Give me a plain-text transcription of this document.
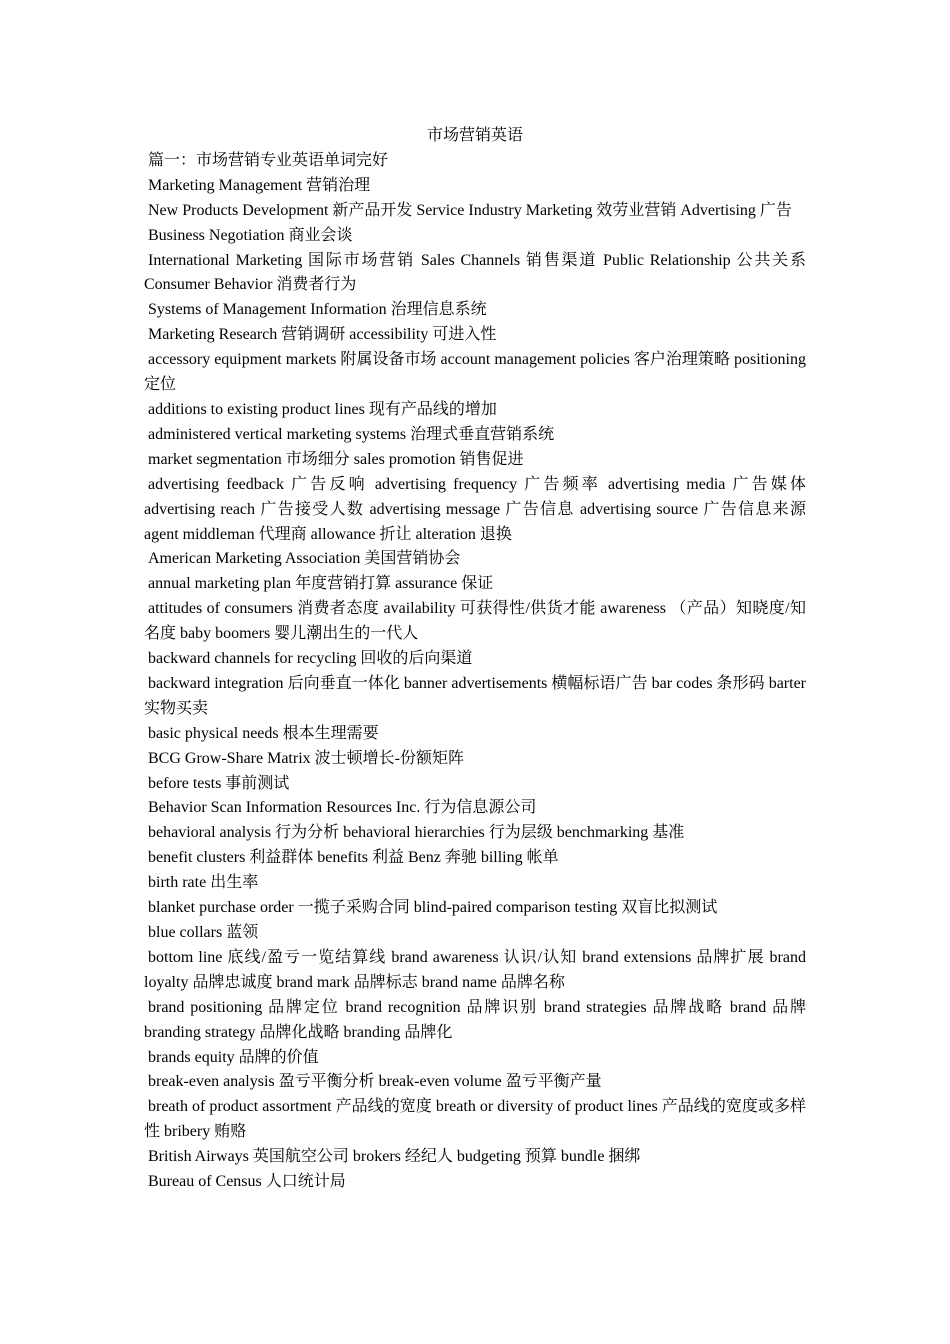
市场营销英语

篇一：市场营销专业英语单词完好

Marketing Management 营销治理

New Products Development 新产品开发 Service Industry Marketing 效劳业营销 Advertising 广告

Business Negotiation 商业会谈

International Marketing 国际市场营销 Sales Channels 销售渠道 Public Relationship 公共关系 Consumer Behavior 消费者行为

Systems of Management Information 治理信息系统

Marketing Research 营销调研 accessibility 可进入性

accessory equipment markets 附属设备市场 account management policies 客户治理策略 positioning 定位

additions to existing product lines 现有产品线的增加

administered vertical marketing systems 治理式垂直营销系统

market segmentation 市场细分 sales promotion 销售促进

advertising feedback 广告反响 advertising frequency 广告频率 advertising media 广告媒体 advertising reach 广告接受人数 advertising message 广告信息 advertising source 广告信息来源 agent middleman 代理商 allowance 折让 alteration 退换

American Marketing Association 美国营销协会

annual marketing plan 年度营销打算 assurance 保证

attitudes of consumers 消费者态度 availability 可获得性/供货才能 awareness （产品）知晓度/知名度 baby boomers 婴儿潮出生的一代人

backward channels for recycling 回收的后向渠道

backward integration 后向垂直一体化 banner advertisements 横幅标语广告 bar codes 条形码 barter 实物买卖

basic physical needs 根本生理需要

BCG Grow-Share Matrix 波士顿增长-份额矩阵

before tests 事前测试

Behavior Scan Information Resources Inc. 行为信息源公司

behavioral analysis 行为分析 behavioral hierarchies 行为层级 benchmarking 基准

benefit clusters 利益群体 benefits 利益 Benz 奔驰 billing 帐单

birth rate 出生率

blanket purchase order 一揽子采购合同 blind-paired comparison testing 双盲比拟测试

blue collars 蓝领

bottom line 底线/盈亏一览结算线 brand awareness 认识/认知 brand extensions 品牌扩展 brand loyalty 品牌忠诚度 brand mark 品牌标志 brand name 品牌名称

brand positioning 品牌定位 brand recognition 品牌识别 brand strategies 品牌战略 brand 品牌 branding strategy 品牌化战略 branding 品牌化

brands equity 品牌的价值

break-even analysis 盈亏平衡分析 break-even volume 盈亏平衡产量

breath of product assortment 产品线的宽度 breath or diversity of product lines 产品线的宽度或多样性 bribery 贿赂

British Airways 英国航空公司 brokers 经纪人 budgeting 预算 bundle 捆绑

Bureau of Census 人口统计局
